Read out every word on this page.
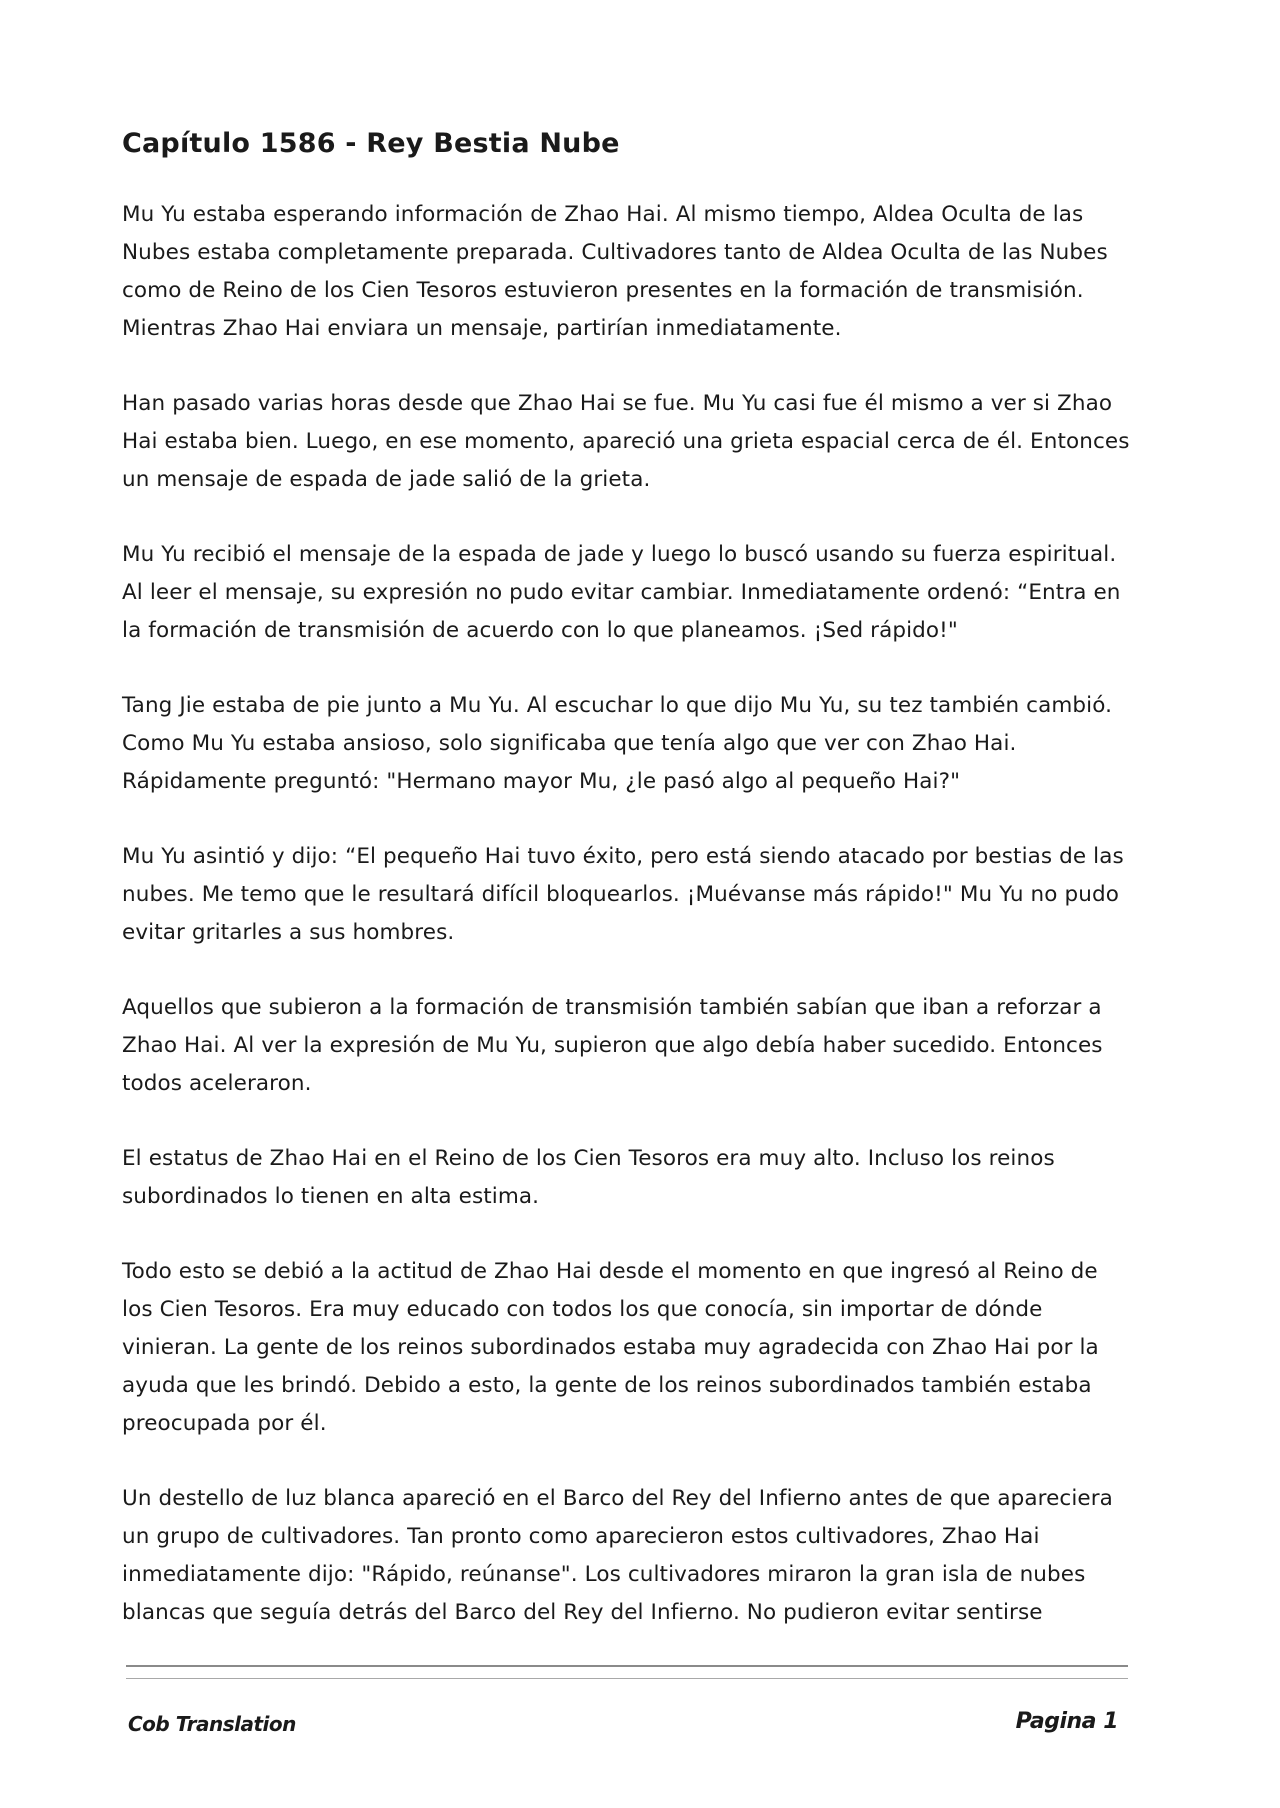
Capítulo 1586 - Rey Bestia Nube

Mu Yu estaba esperando información de Zhao Hai. Al mismo tiempo, Aldea Oculta de las Nubes estaba completamente preparada. Cultivadores tanto de Aldea Oculta de las Nubes como de Reino de los Cien Tesoros estuvieron presentes en la formación de transmisión. Mientras Zhao Hai enviara un mensaje, partirían inmediatamente.

Han pasado varias horas desde que Zhao Hai se fue. Mu Yu casi fue él mismo a ver si Zhao Hai estaba bien. Luego, en ese momento, apareció una grieta espacial cerca de él. Entonces un mensaje de espada de jade salió de la grieta.

Mu Yu recibió el mensaje de la espada de jade y luego lo buscó usando su fuerza espiritual. Al leer el mensaje, su expresión no pudo evitar cambiar. Inmediatamente ordenó: “Entra en la formación de transmisión de acuerdo con lo que planeamos. ¡Sed rápido!"

Tang Jie estaba de pie junto a Mu Yu. Al escuchar lo que dijo Mu Yu, su tez también cambió. Como Mu Yu estaba ansioso, solo significaba que tenía algo que ver con Zhao Hai. Rápidamente preguntó: "Hermano mayor Mu, ¿le pasó algo al pequeño Hai?"

Mu Yu asintió y dijo: “El pequeño Hai tuvo éxito, pero está siendo atacado por bestias de las nubes. Me temo que le resultará difícil bloquearlos. ¡Muévanse más rápido!" Mu Yu no pudo evitar gritarles a sus hombres.

Aquellos que subieron a la formación de transmisión también sabían que iban a reforzar a Zhao Hai. Al ver la expresión de Mu Yu, supieron que algo debía haber sucedido. Entonces todos aceleraron.

El estatus de Zhao Hai en el Reino de los Cien Tesoros era muy alto. Incluso los reinos subordinados lo tienen en alta estima.

Todo esto se debió a la actitud de Zhao Hai desde el momento en que ingresó al Reino de los Cien Tesoros. Era muy educado con todos los que conocía, sin importar de dónde vinieran. La gente de los reinos subordinados estaba muy agradecida con Zhao Hai por la ayuda que les brindó. Debido a esto, la gente de los reinos subordinados también estaba preocupada por él.

Un destello de luz blanca apareció en el Barco del Rey del Infierno antes de que apareciera un grupo de cultivadores. Tan pronto como aparecieron estos cultivadores, Zhao Hai inmediatamente dijo: "Rápido, reúnanse". Los cultivadores miraron la gran isla de nubes blancas que seguía detrás del Barco del Rey del Infierno. No pudieron evitar sentirse

Cob Translation	Pagina 1
